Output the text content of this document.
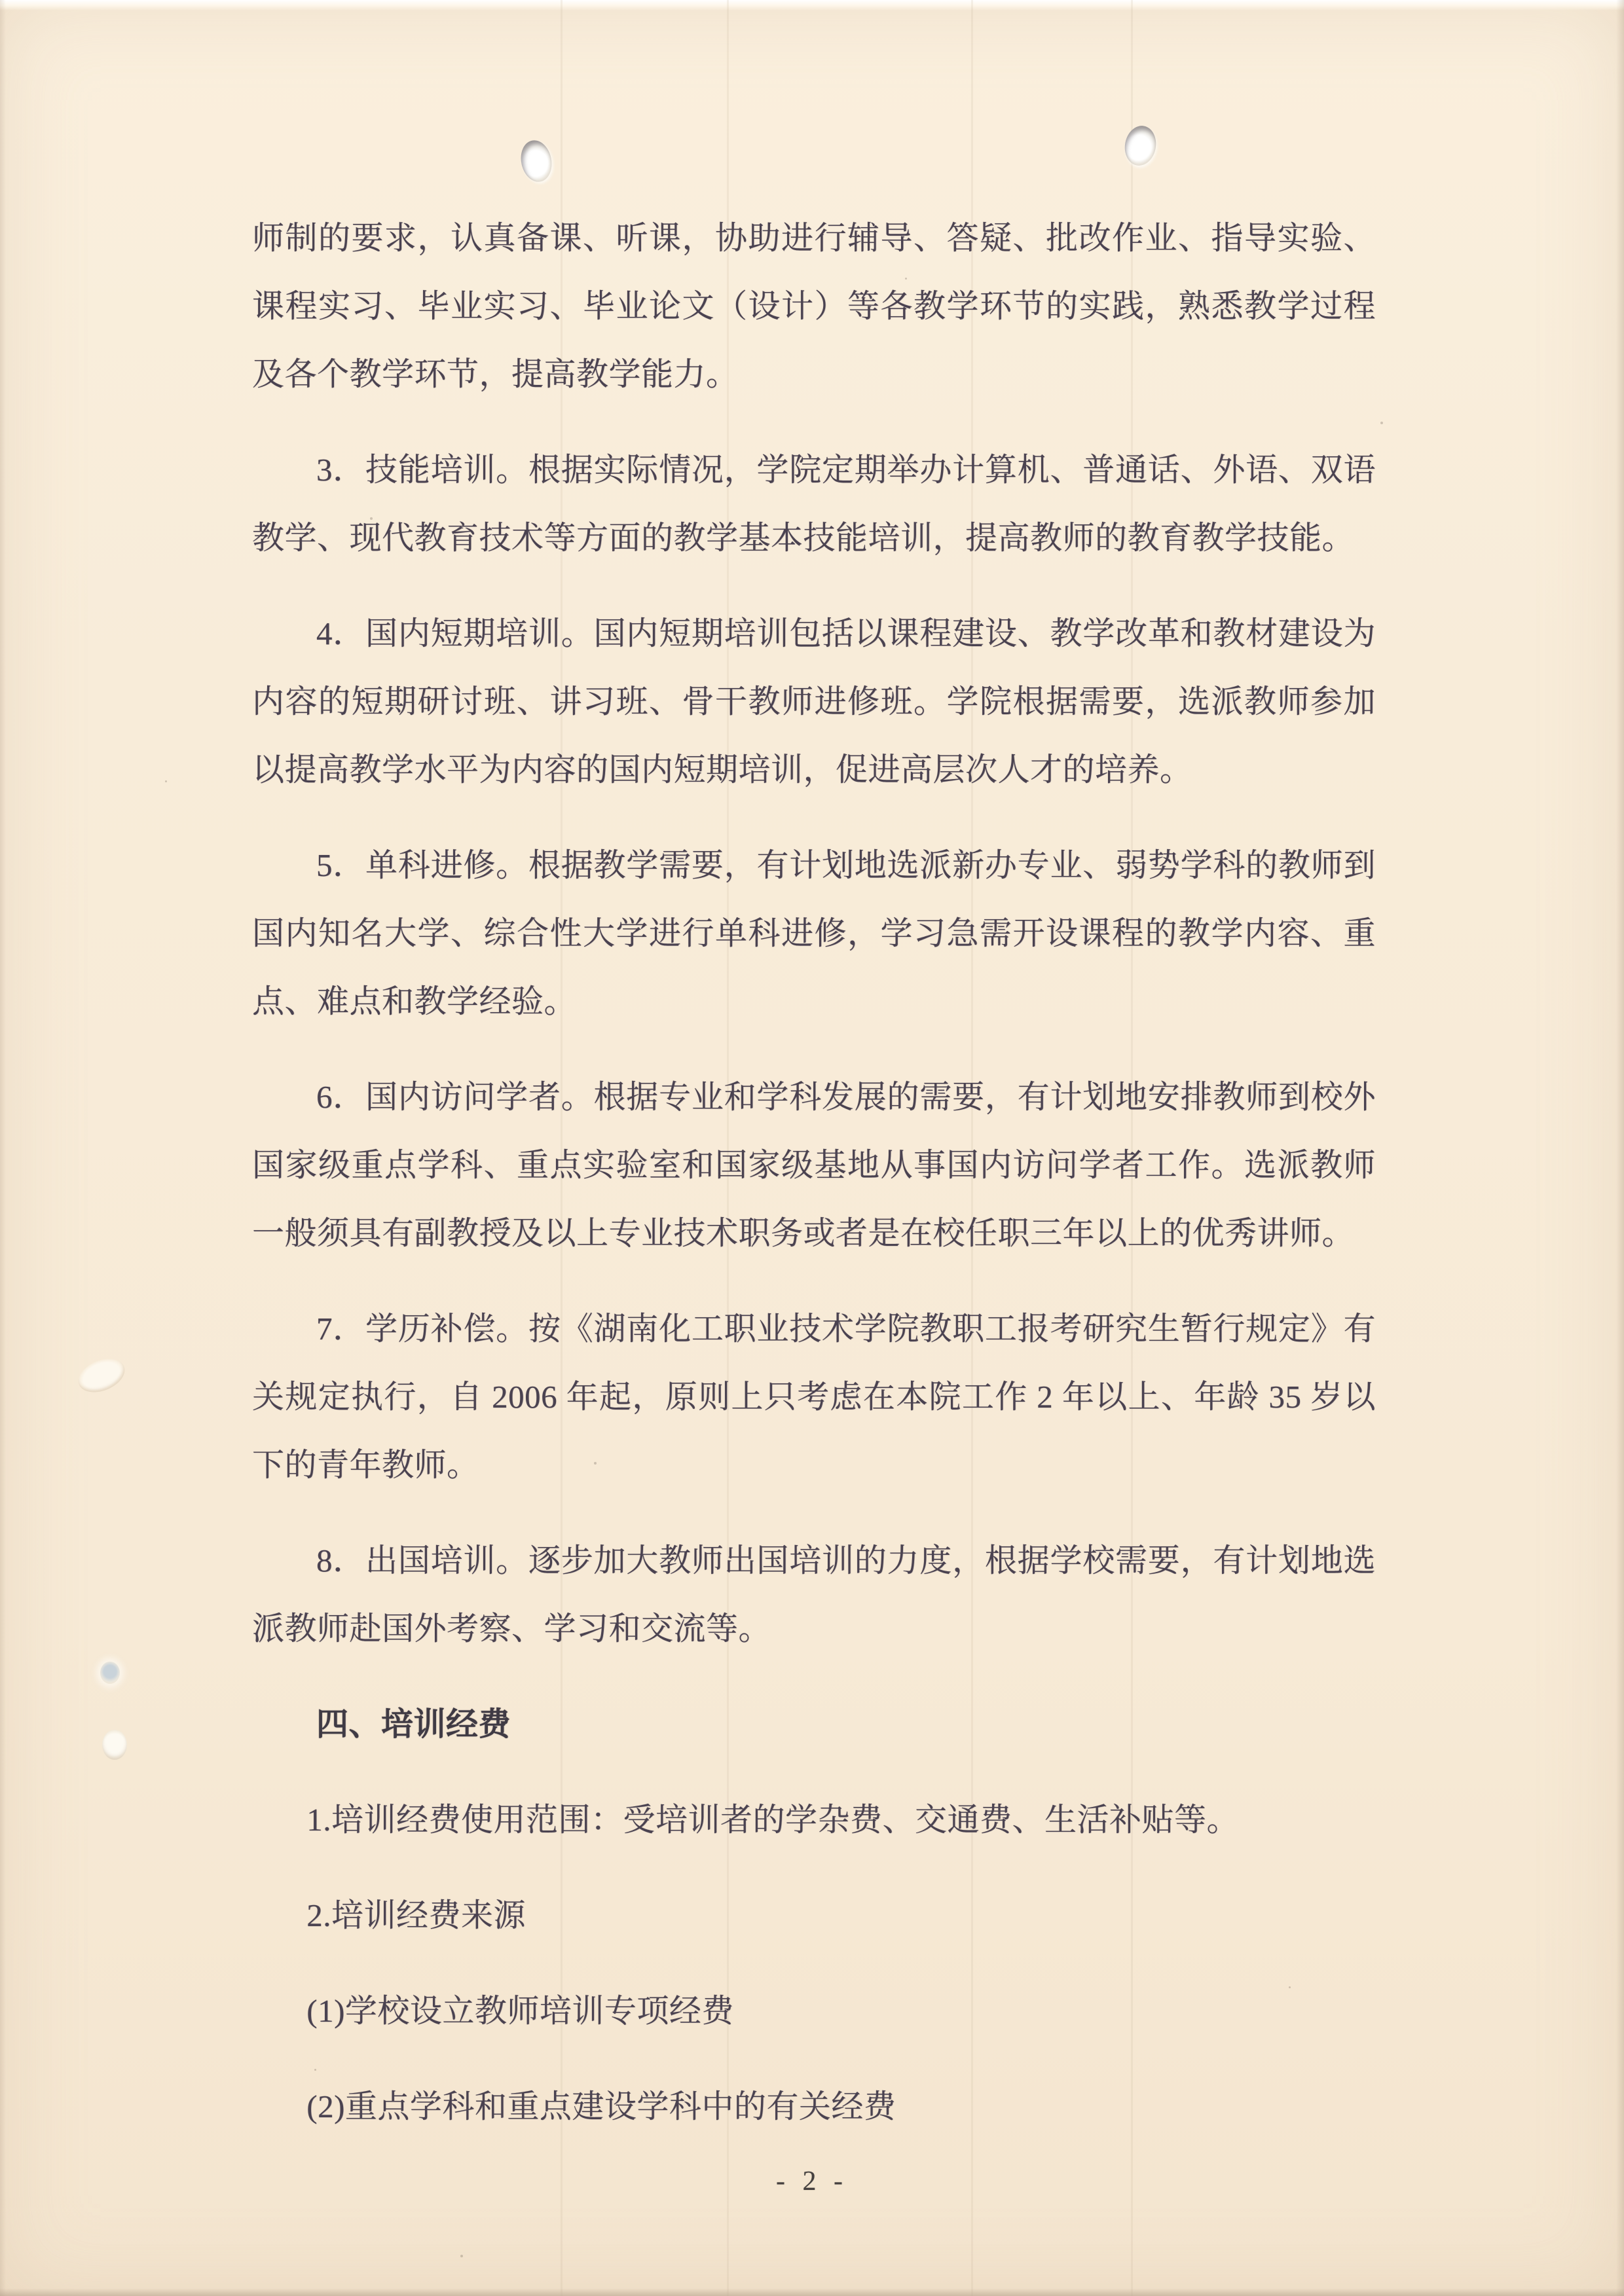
师制的要求，认真备课、听课，协助进行辅导、答疑、批改作业、指导实验、课程实习、毕业实习、毕业论文（设计）等各教学环节的实践，熟悉教学过程及各个教学环节，提高教学能力。

3．技能培训。根据实际情况，学院定期举办计算机、普通话、外语、双语教学、现代教育技术等方面的教学基本技能培训，提高教师的教育教学技能。

4．国内短期培训。国内短期培训包括以课程建设、教学改革和教材建设为内容的短期研讨班、讲习班、骨干教师进修班。学院根据需要，选派教师参加以提高教学水平为内容的国内短期培训，促进高层次人才的培养。

5．单科进修。根据教学需要，有计划地选派新办专业、弱势学科的教师到国内知名大学、综合性大学进行单科进修，学习急需开设课程的教学内容、重点、难点和教学经验。

6．国内访问学者。根据专业和学科发展的需要，有计划地安排教师到校外国家级重点学科、重点实验室和国家级基地从事国内访问学者工作。选派教师一般须具有副教授及以上专业技术职务或者是在校任职三年以上的优秀讲师。

7．学历补偿。按《湖南化工职业技术学院教职工报考研究生暂行规定》有关规定执行，自 2006 年起，原则上只考虑在本院工作 2 年以上、年龄 35 岁以下的青年教师。

8．出国培训。逐步加大教师出国培训的力度，根据学校需要，有计划地选派教师赴国外考察、学习和交流等。

四、培训经费

1.培训经费使用范围：受培训者的学杂费、交通费、生活补贴等。

2.培训经费来源

(1)学校设立教师培训专项经费

(2)重点学科和重点建设学科中的有关经费

- 2 -
